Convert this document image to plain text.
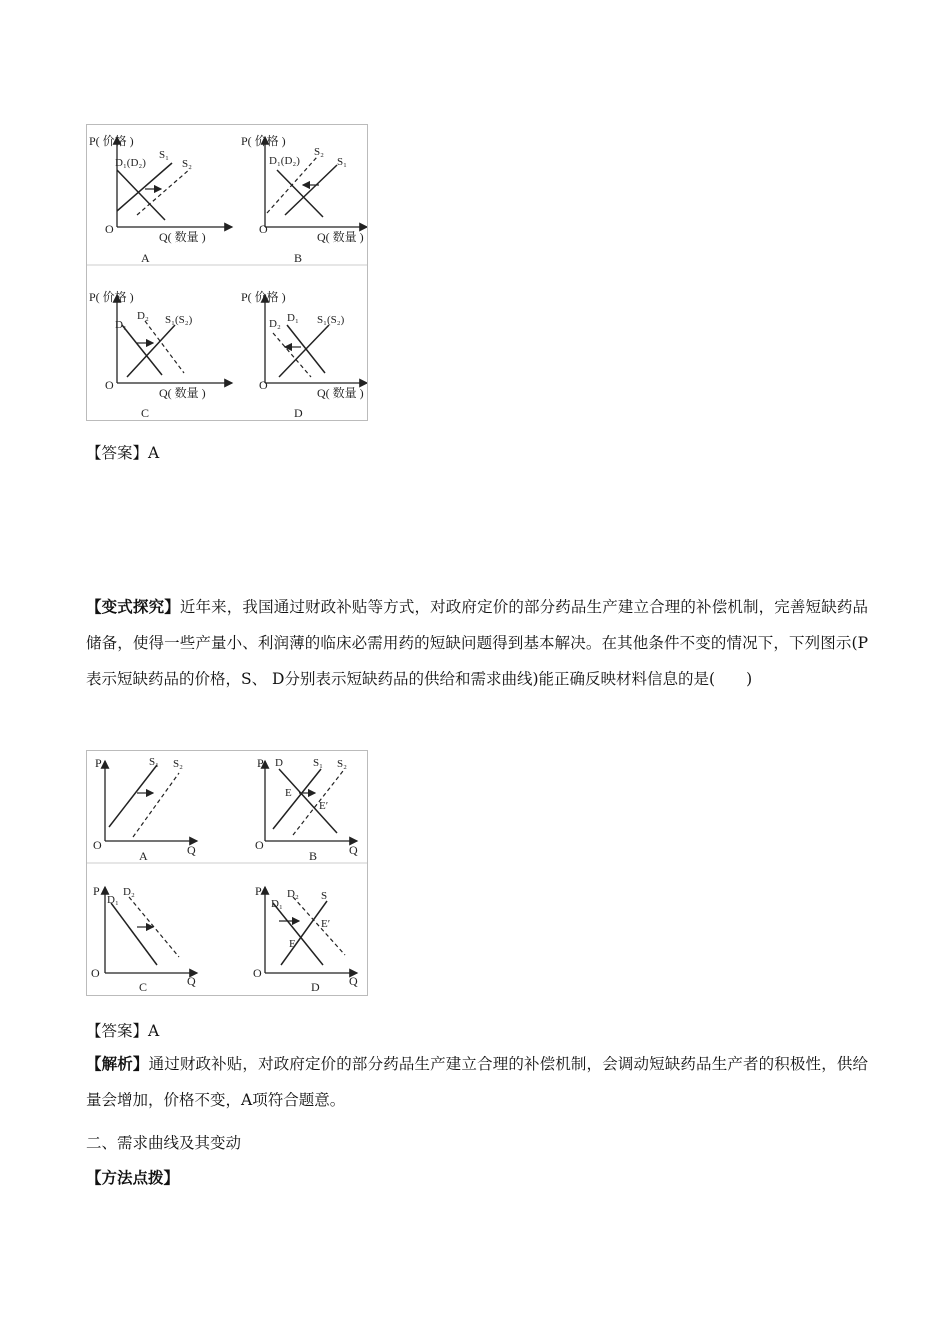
P( 价格 )
Q( 数量 )
O
D₁(D₂)
S₁
S₂
A
P( 价格 )
Q( 数量 )
O
D₁(D₂)
S₂
S₁
B
P( 价格 )
Q( 数量 )
O
D₁
D₂ S₁(S₂)
C
P( 价格 )
Q( 数量 )
O
D₁
D₂	S₁(S₂)
D
【答案】A
【变式探究】近年来，我国通过财政补贴等方式，对政府定价的部分药品生产建立合理的补偿机制，完善短缺药品储备，使得一些产量小、利润薄的临床必需用药的短缺问题得到基本解决。在其他条件不变的情况下，下列图示(P表示短缺药品的价格，S、 D分别表示短缺药品的供给和需求曲线)能正确反映材料信息的是(　　)
P
Q
O
S₁ S₂
A
P
Q
O
D	S₁ S₂
E
E′
B
P
Q
O
D₁
D₂
C
P
Q
O
D₁
D₂ S
E
E′
D
【答案】A
【解析】通过财政补贴，对政府定价的部分药品生产建立合理的补偿机制，会调动短缺药品生产者的积极性，供给量会增加，价格不变，A项符合题意。
二、需求曲线及其变动
【方法点拨】
